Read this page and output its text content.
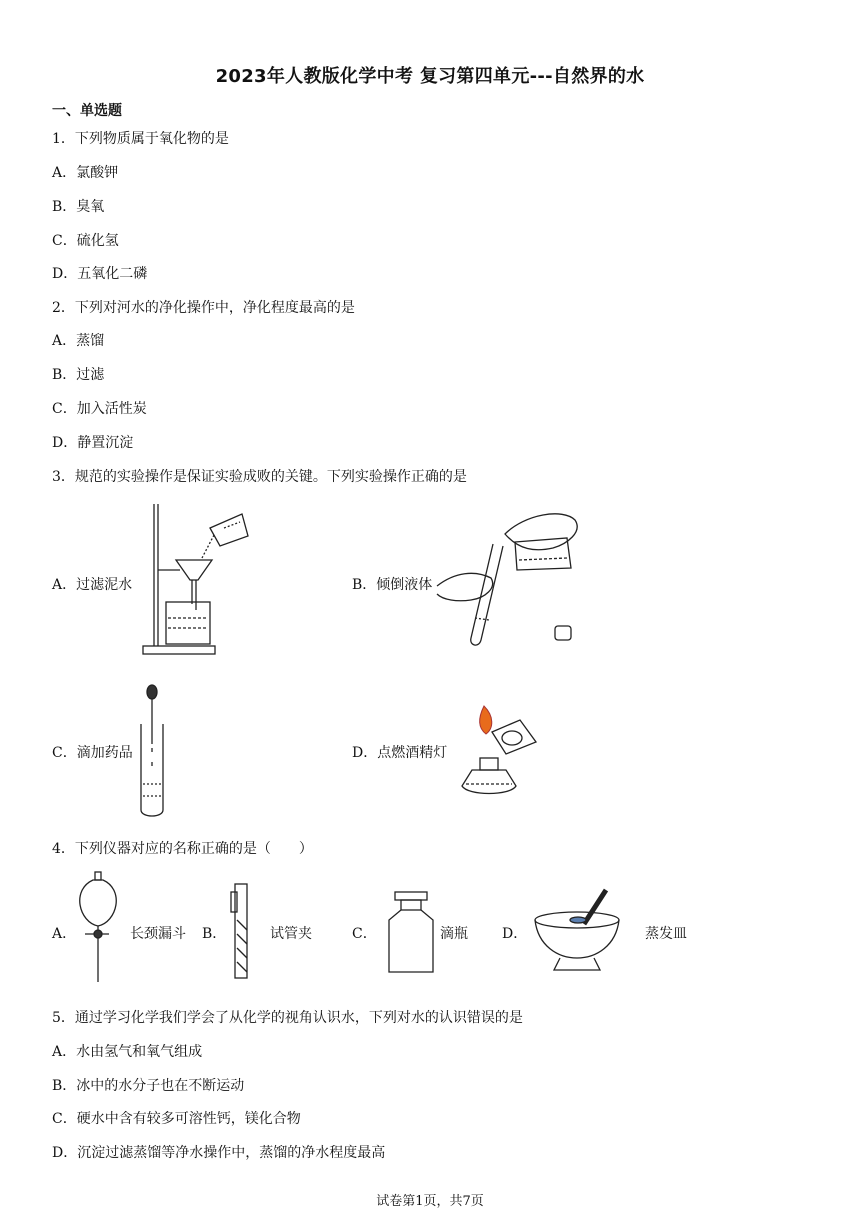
2023年人教版化学中考 复习第四单元---自然界的水
一、单选题
1．下列物质属于氧化物的是
A．氯酸钾
B．臭氧
C．硫化氢
D．五氧化二磷
2．下列对河水的净化操作中，净化程度最高的是
A．蒸馏
B．过滤
C．加入活性炭
D．静置沉淀
3．规范的实验操作是保证实验成败的关键。下列实验操作正确的是
A．过滤泥水	B．倾倒液体
C．滴加药品	D．点燃酒精灯
4．下列仪器对应的名称正确的是（　　）
A．	长颈漏斗 B．	试管夹	C．	滴瓶 D．	蒸发皿
5．通过学习化学我们学会了从化学的视角认识水，下列对水的认识错误的是
A．水由氢气和氧气组成
B．冰中的水分子也在不断运动
C．硬水中含有较多可溶性钙，镁化合物
D．沉淀过滤蒸馏等净水操作中，蒸馏的净水程度最高
试卷第1页，共7页
